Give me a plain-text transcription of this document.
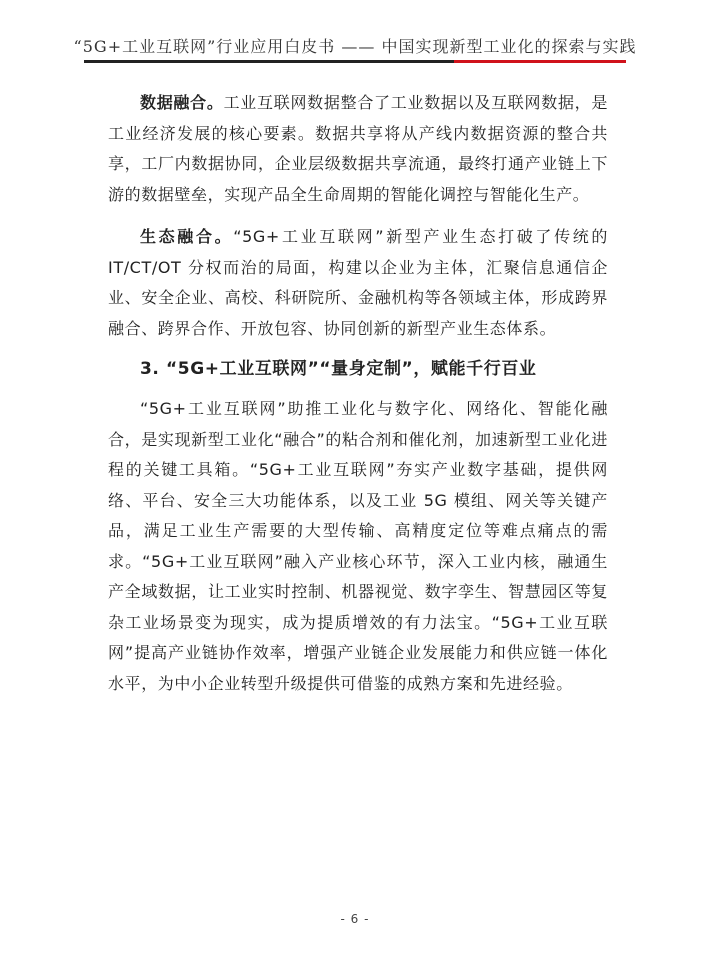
“5G+工业互联网”行业应用白皮书 —— 中国实现新型工业化的探索与实践

数据融合。工业互联网数据整合了工业数据以及互联网数据，是工业经济发展的核心要素。数据共享将从产线内数据资源的整合共享，工厂内数据协同，企业层级数据共享流通，最终打通产业链上下游的数据壁垒，实现产品全生命周期的智能化调控与智能化生产。

生态融合。“5G+工业互联网”新型产业生态打破了传统的IT/CT/OT 分权而治的局面，构建以企业为主体，汇聚信息通信企业、安全企业、高校、科研院所、金融机构等各领域主体，形成跨界融合、跨界合作、开放包容、协同创新的新型产业生态体系。

3. “5G+工业互联网”“量身定制”，赋能千行百业

“5G+工业互联网”助推工业化与数字化、网络化、智能化融合，是实现新型工业化“融合”的粘合剂和催化剂，加速新型工业化进程的关键工具箱。“5G+工业互联网”夯实产业数字基础，提供网络、平台、安全三大功能体系，以及工业 5G 模组、网关等关键产品，满足工业生产需要的大型传输、高精度定位等难点痛点的需求。“5G+工业互联网”融入产业核心环节，深入工业内核，融通生产全域数据，让工业实时控制、机器视觉、数字孪生、智慧园区等复杂工业场景变为现实，成为提质增效的有力法宝。“5G+工业互联网”提高产业链协作效率，增强产业链企业发展能力和供应链一体化水平，为中小企业转型升级提供可借鉴的成熟方案和先进经验。

- 6 -
